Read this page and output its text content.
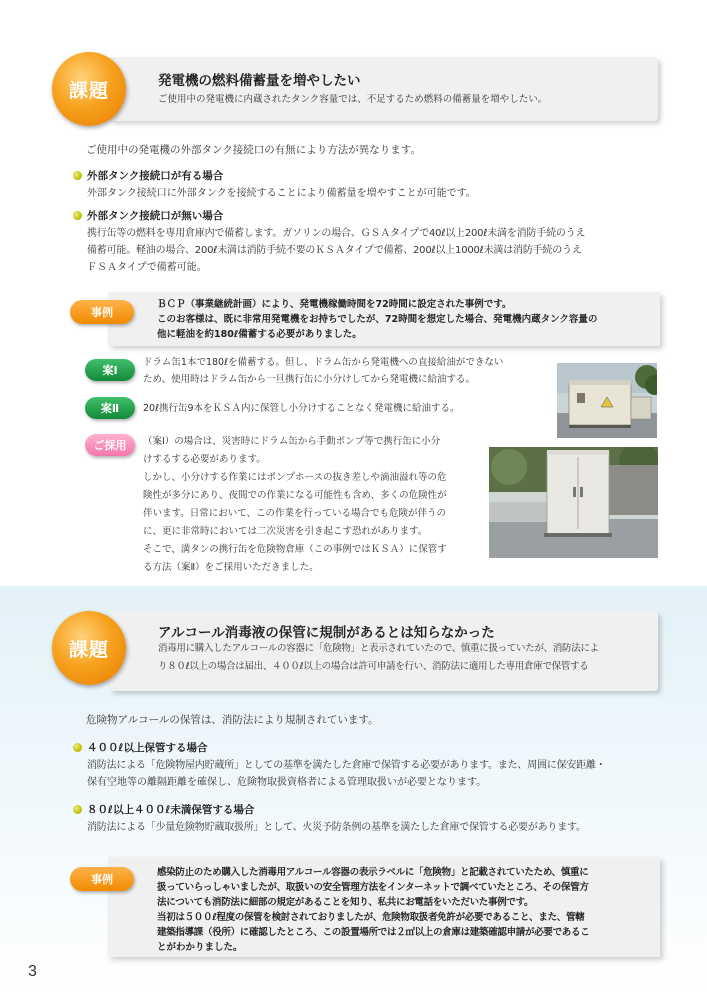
課題	発電機の燃料備蓄量を増やしたい
ご使用中の発電機に内蔵されたタンク容量では、不足するため燃料の備蓄量を増やしたい。
ご使用中の発電機の外部タンク接続口の有無により方法が異なります。
外部タンク接続口が有る場合
外部タンク接続口に外部タンクを接続することにより備蓄量を増やすことが可能です。
外部タンク接続口が無い場合
携行缶等の燃料を専用倉庫内で備蓄します。ガソリンの場合、ＧＳＡタイプで40ℓ以上200ℓ未満を消防手続のうえ
備蓄可能。軽油の場合、200ℓ未満は消防手続不要のＫＳＡタイプで備蓄、200ℓ以上1000ℓ未満は消防手続のうえ
ＦＳＡタイプで備蓄可能。
事例
ＢＣＰ（事業継続計画）により、発電機稼働時間を72時間に設定された事例です。
このお客様は、既に非常用発電機をお持ちでしたが、72時間を想定した場合、発電機内蔵タンク容量の
他に軽油を約180ℓ備蓄する必要がありました。
案Ⅰ
ドラム缶1本で180ℓを備蓄する。但し、ドラム缶から発電機への直接給油ができない
ため、使用時はドラム缶から一旦携行缶に小分けしてから発電機に給油する。
案Ⅱ	20ℓ携行缶9本をＫＳＡ内に保管し小分けすることなく発電機に給油する。
ご採用	（案Ⅰ）の場合は、災害時にドラム缶から手動ポンプ等で携行缶に小分
けするする必要があります。
しかし、小分けする作業にはポンプホースの抜き差しや滴油溢れ等の危
険性が多分にあり、夜間での作業になる可能性も含め、多くの危険性が
伴います。日常において、この作業を行っている場合でも危険が伴うの
に、更に非常時においては二次災害を引き起こす恐れがあります。
そこで、満タンの携行缶を危険物倉庫（この事例ではＫＳＡ）に保管す
る方法（案Ⅱ）をご採用いただきました。
課題
アルコール消毒液の保管に規制があるとは知らなかった
消毒用に購入したアルコールの容器に「危険物」と表示されていたので、慎重に扱っていたが、消防法によ
り８０ℓ以上の場合は届出、４００ℓ以上の場合は許可申請を行い、消防法に適用した専用倉庫で保管する
危険物アルコールの保管は、消防法により規制されています。
４００ℓ以上保管する場合
消防法による「危険物屋内貯蔵所」としての基準を満たした倉庫で保管する必要があります。また、周囲に保安距離・
保有空地等の離隔距離を確保し、危険物取扱資格者による管理取扱いが必要となります。
８０ℓ以上４００ℓ未満保管する場合
消防法による「少量危険物貯蔵取扱所」として、火災予防条例の基準を満たした倉庫で保管する必要があります。
事例
感染防止のため購入した消毒用アルコール容器の表示ラベルに「危険物」と記載されていたため、慎重に
扱っていらっしゃいましたが、取扱いの安全管理方法をインターネットで調べていたところ、その保管方
法についても消防法に細部の規定があることを知り、私共にお電話をいただいた事例です。
当初は５００ℓ程度の保管を検討されておりましたが、危険物取扱者免許が必要であること、また、管轄
建築指導課（役所）に確認したところ、この設置場所では２㎡以上の倉庫は建築確認申請が必要であるこ
とがわかりました。
3
